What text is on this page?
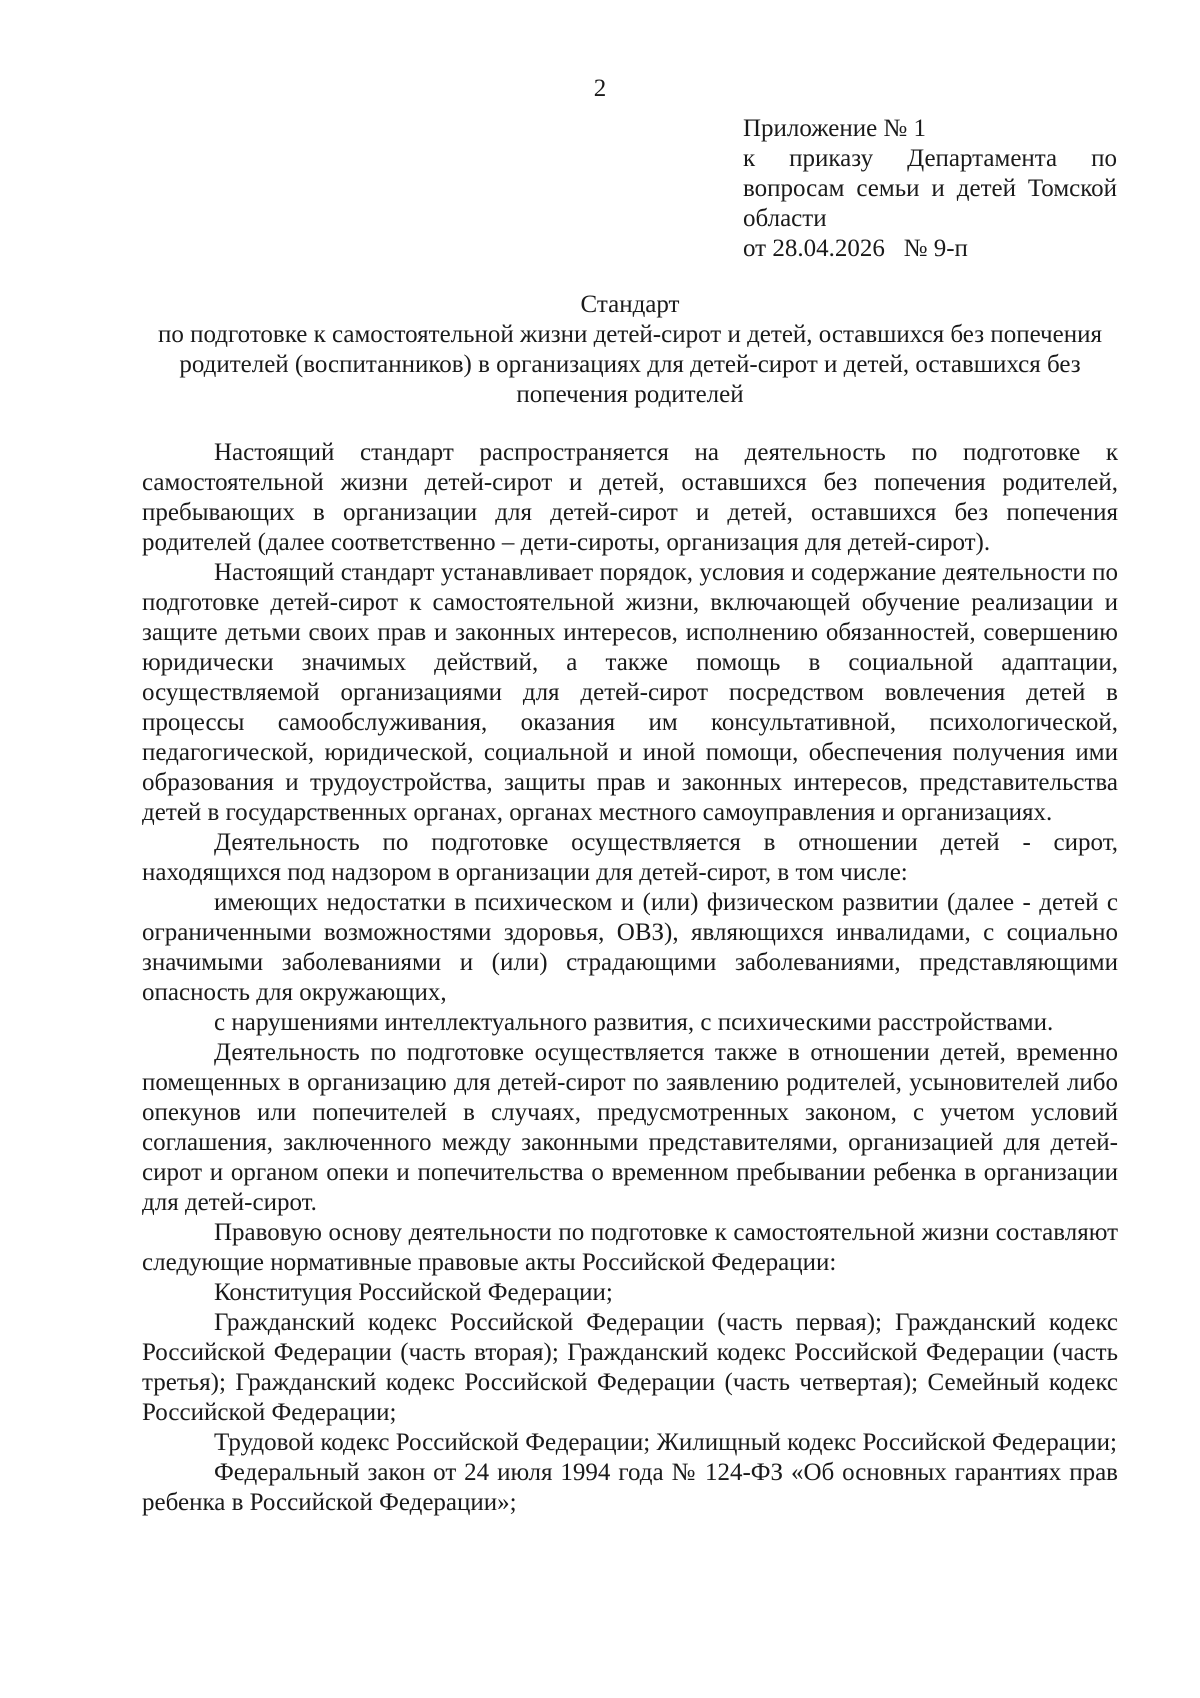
2
Приложение № 1
к приказу Департамента по вопросам семьи и детей Томской области
от 28.04.2026 № 9-п
Стандарт
по подготовке к самостоятельной жизни детей-сирот и детей, оставшихся без попечения родителей (воспитанников) в организациях для детей-сирот и детей, оставшихся без попечения родителей

Настоящий стандарт распространяется на деятельность по подготовке к самостоятельной жизни детей-сирот и детей, оставшихся без попечения родителей, пребывающих в организации для детей-сирот и детей, оставшихся без попечения родителей (далее соответственно – дети-сироты, организация для детей-сирот).

Настоящий стандарт устанавливает порядок, условия и содержание деятельности по подготовке детей-сирот к самостоятельной жизни, включающей обучение реализации и защите детьми своих прав и законных интересов, исполнению обязанностей, совершению юридически значимых действий, а также помощь в социальной адаптации, осуществляемой организациями для детей-сирот посредством вовлечения детей в процессы самообслуживания, оказания им консультативной, психологической, педагогической, юридической, социальной и иной помощи, обеспечения получения ими образования и трудоустройства, защиты прав и законных интересов, представительства детей в государственных органах, органах местного самоуправления и организациях.

Деятельность по подготовке осуществляется в отношении детей - сирот, находящихся под надзором в организации для детей-сирот, в том числе:

имеющих недостатки в психическом и (или) физическом развитии (далее - детей с ограниченными возможностями здоровья, ОВЗ), являющихся инвалидами, с социально значимыми заболеваниями и (или) страдающими заболеваниями, представляющими опасность для окружающих,

с нарушениями интеллектуального развития, с психическими расстройствами.

Деятельность по подготовке осуществляется также в отношении детей, временно помещенных в организацию для детей-сирот по заявлению родителей, усыновителей либо опекунов или попечителей в случаях, предусмотренных законом, с учетом условий соглашения, заключенного между законными представителями, организацией для детей-сирот и органом опеки и попечительства о временном пребывании ребенка в организации для детей-сирот.

Правовую основу деятельности по подготовке к самостоятельной жизни составляют следующие нормативные правовые акты Российской Федерации:

Конституция Российской Федерации;

Гражданский кодекс Российской Федерации (часть первая); Гражданский кодекс Российской Федерации (часть вторая); Гражданский кодекс Российской Федерации (часть третья); Гражданский кодекс Российской Федерации (часть четвертая); Семейный кодекс Российской Федерации;

Трудовой кодекс Российской Федерации; Жилищный кодекс Российской Федерации;

Федеральный закон от 24 июля 1994 года № 124-ФЗ «Об основных гарантиях прав ребенка в Российской Федерации»;
